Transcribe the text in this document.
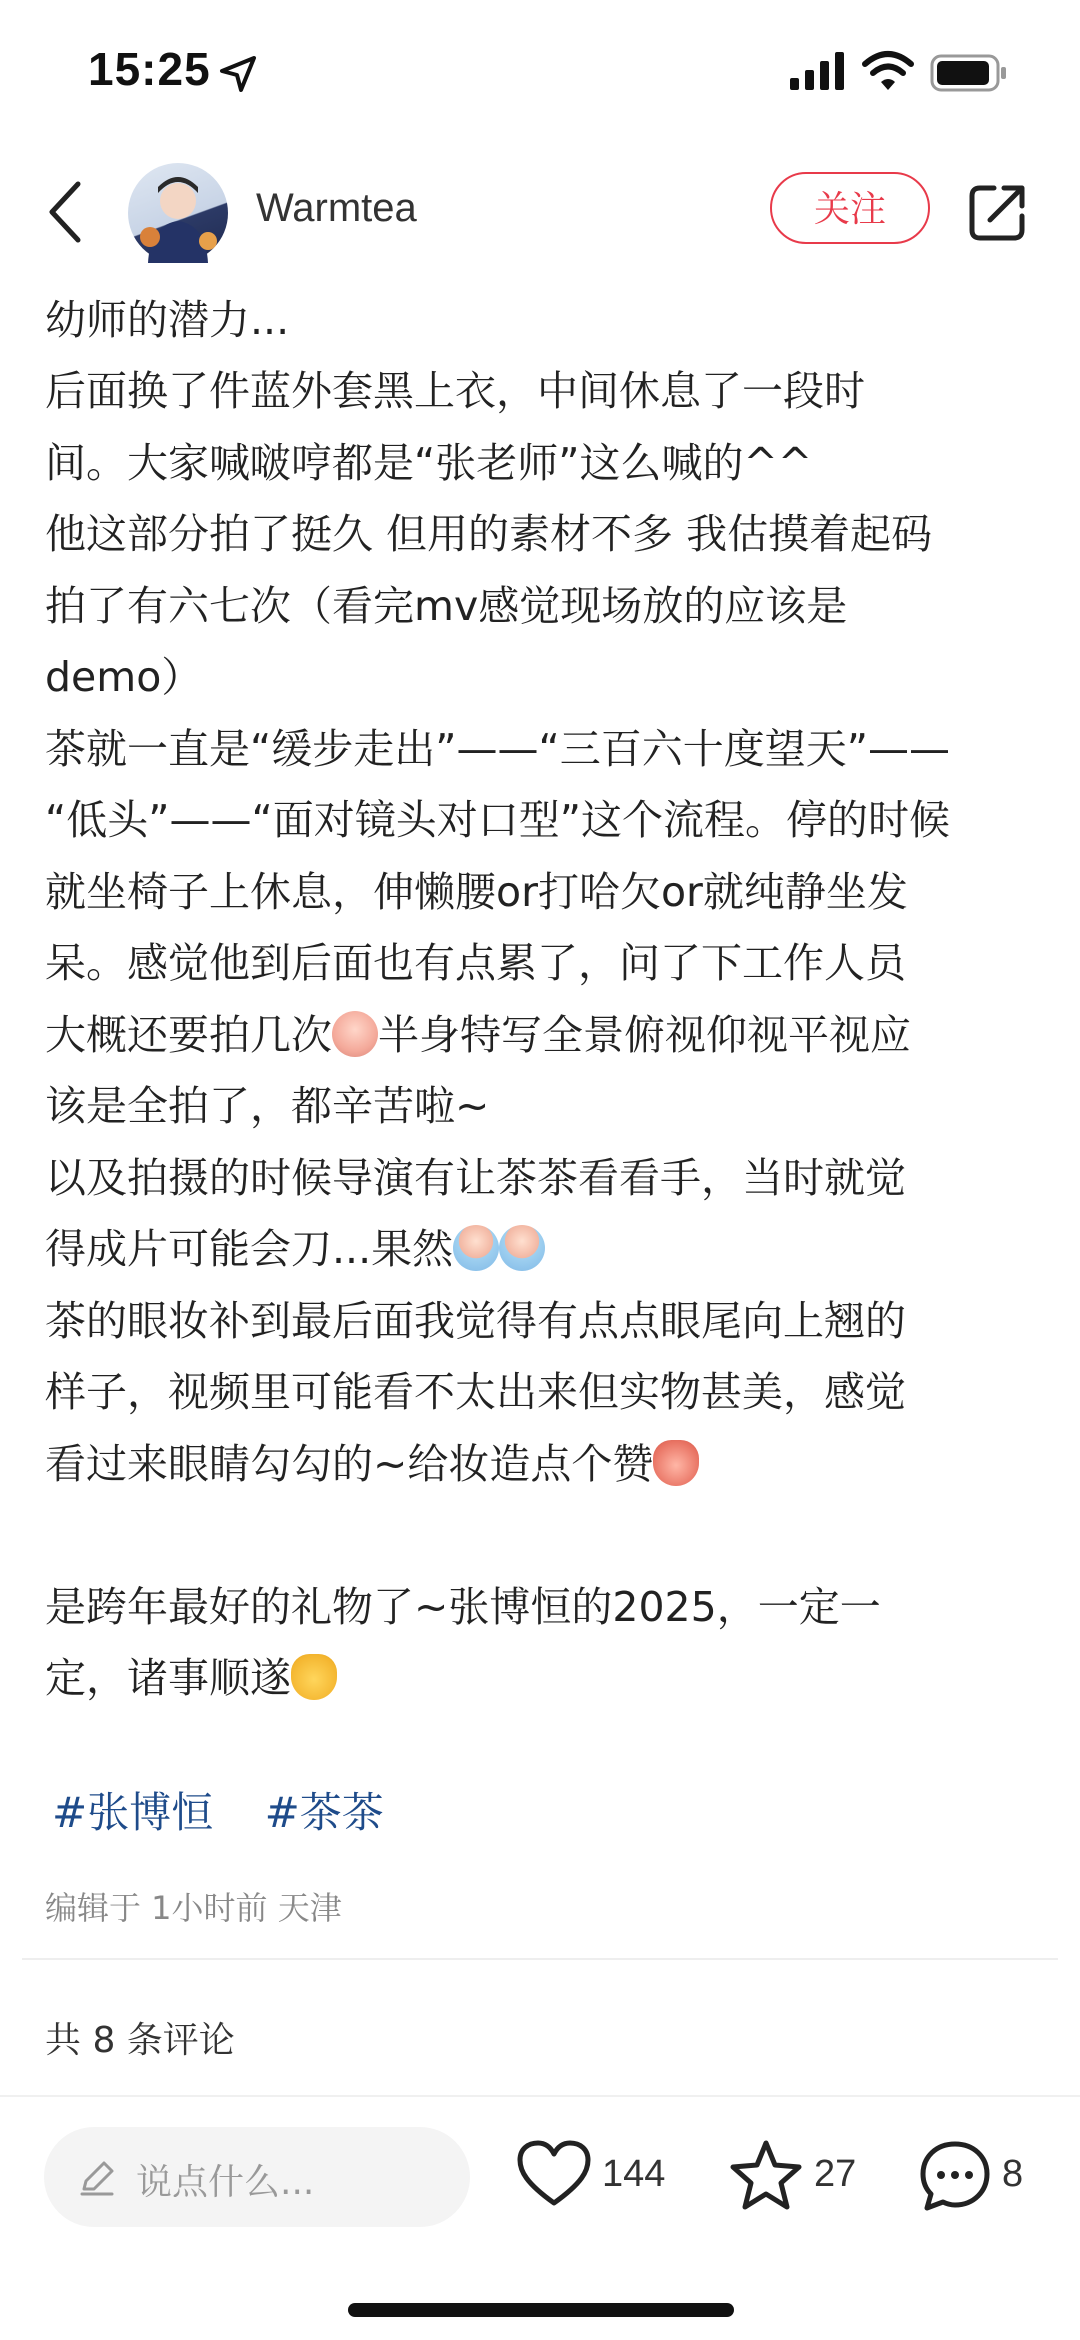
15:25

幼师的潜力...

后面换了件蓝外套黑上衣，中间休息了一段时

间。大家喊啵哼都是“张老师”这么喊的^^

他这部分拍了挺久 但用的素材不多 我估摸着起码

拍了有六七次（看完mv感觉现场放的应该是

demo）

茶就一直是“缓步走出”——“三百六十度望天”——

“低头”——“面对镜头对口型”这个流程。停的时候

就坐椅子上休息，伸懒腰or打哈欠or就纯静坐发

呆。感觉他到后面也有点累了，问了下工作人员

大概还要拍几次 半身特写全景俯视仰视平视应

该是全拍了，都辛苦啦~

以及拍摄的时候导演有让茶茶看看手，当时就觉

得成片可能会刀...果然

茶的眼妆补到最后面我觉得有点点眼尾向上翘的

样子，视频里可能看不太出来但实物甚美，感觉

看过来眼睛勾勾的~给妆造点个赞

是跨年最好的礼物了~张博恒的2025，一定一

定，诸事顺遂

Warmtea	关注
#张博恒 #茶茶
编辑于 1小时前 天津
共 8 条评论
说点什么...	144	27	8
